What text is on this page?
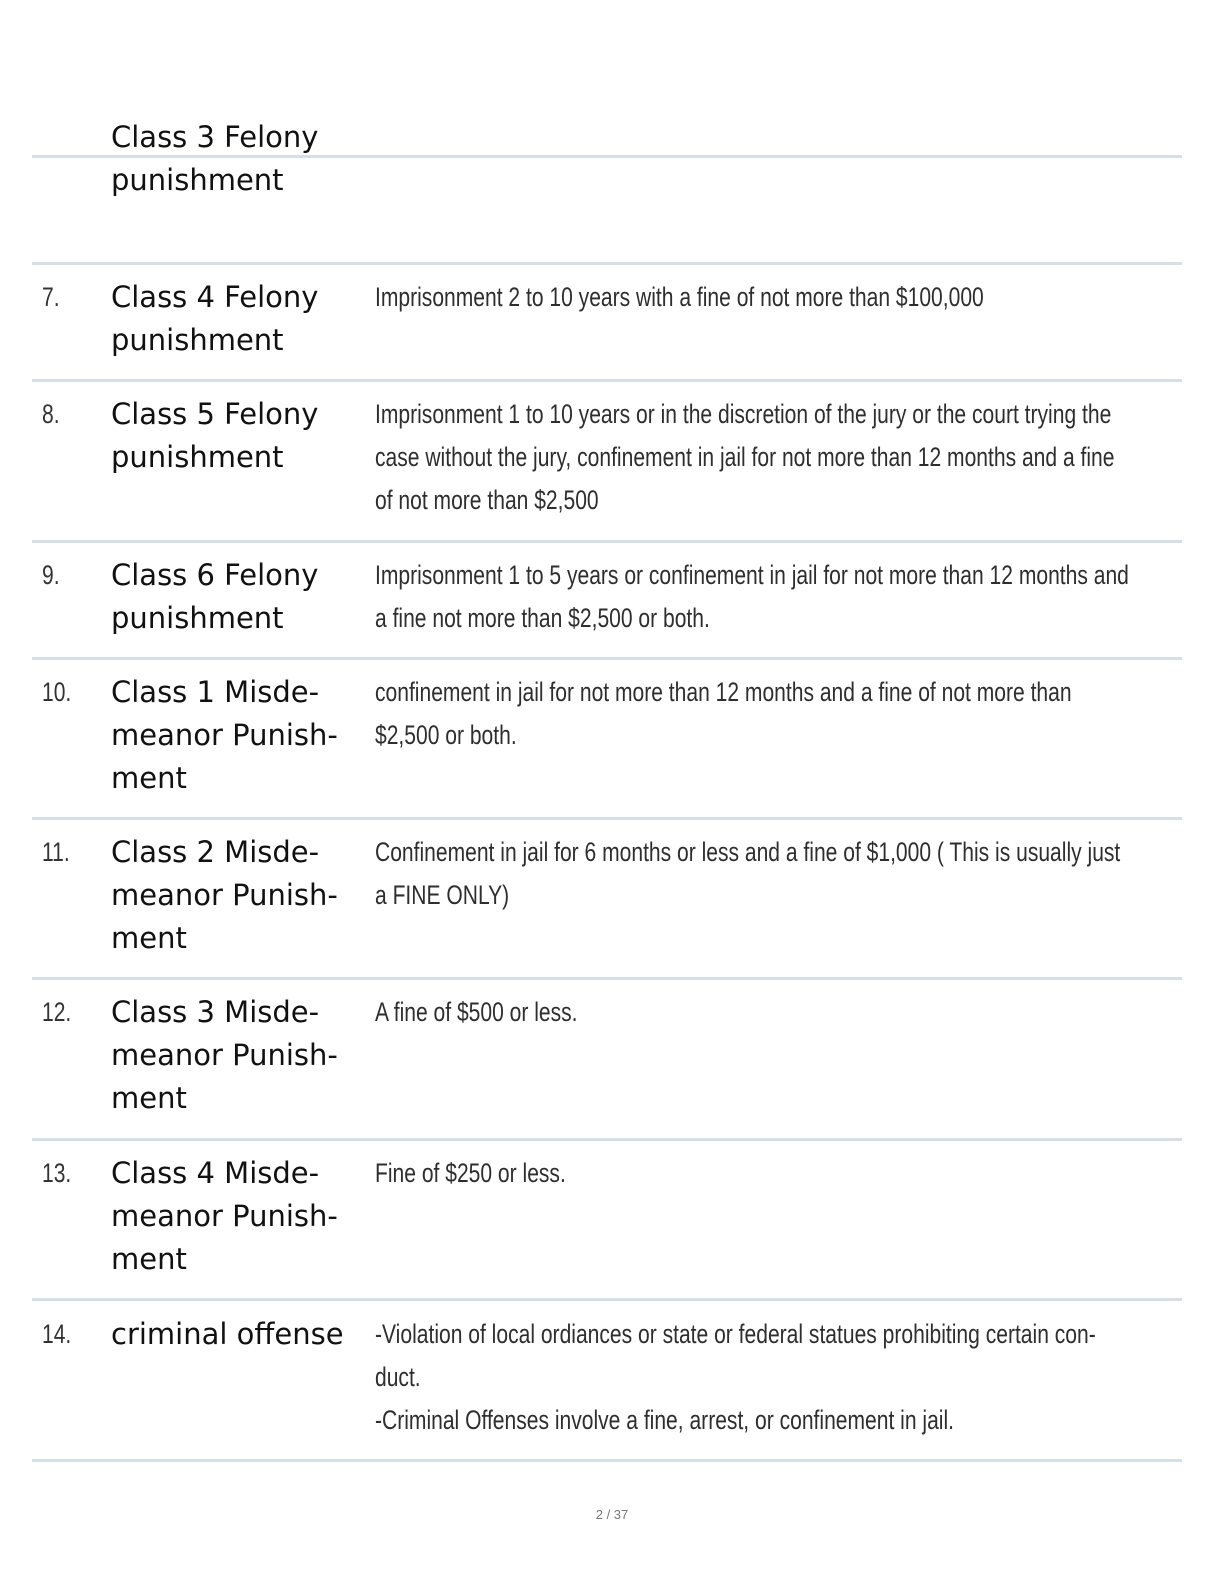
Class 3 Felony punishment
7. Class 4 Felony punishment
Imprisonment 2 to 10 years with a fine of not more than $100,000
8. Class 5 Felony punishment
Imprisonment 1 to 10 years or in the discretion of the jury or the court trying the
case without the jury, confinement in jail for not more than 12 months and a fine
of not more than $2,500
9. Class 6 Felony punishment
Imprisonment 1 to 5 years or confinement in jail for not more than 12 months and
a fine not more than $2,500 or both.
10. Class 1 Misde-meanor Punish-ment
confinement in jail for not more than 12 months and a fine of not more than
$2,500 or both.
11. Class 2 Misde-meanor Punish-ment
Confinement in jail for 6 months or less and a fine of $1,000 ( This is usually just
a FINE ONLY)
12. Class 3 Misde-meanor Punish-ment
A fine of $500 or less.
13. Class 4 Misde-meanor Punish-ment
Fine of $250 or less.
14. criminal offense	-Violation of local ordiances or state or federal statues prohibiting certain con-
duct.
-Criminal Offenses involve a fine, arrest, or confinement in jail.
2 / 37
